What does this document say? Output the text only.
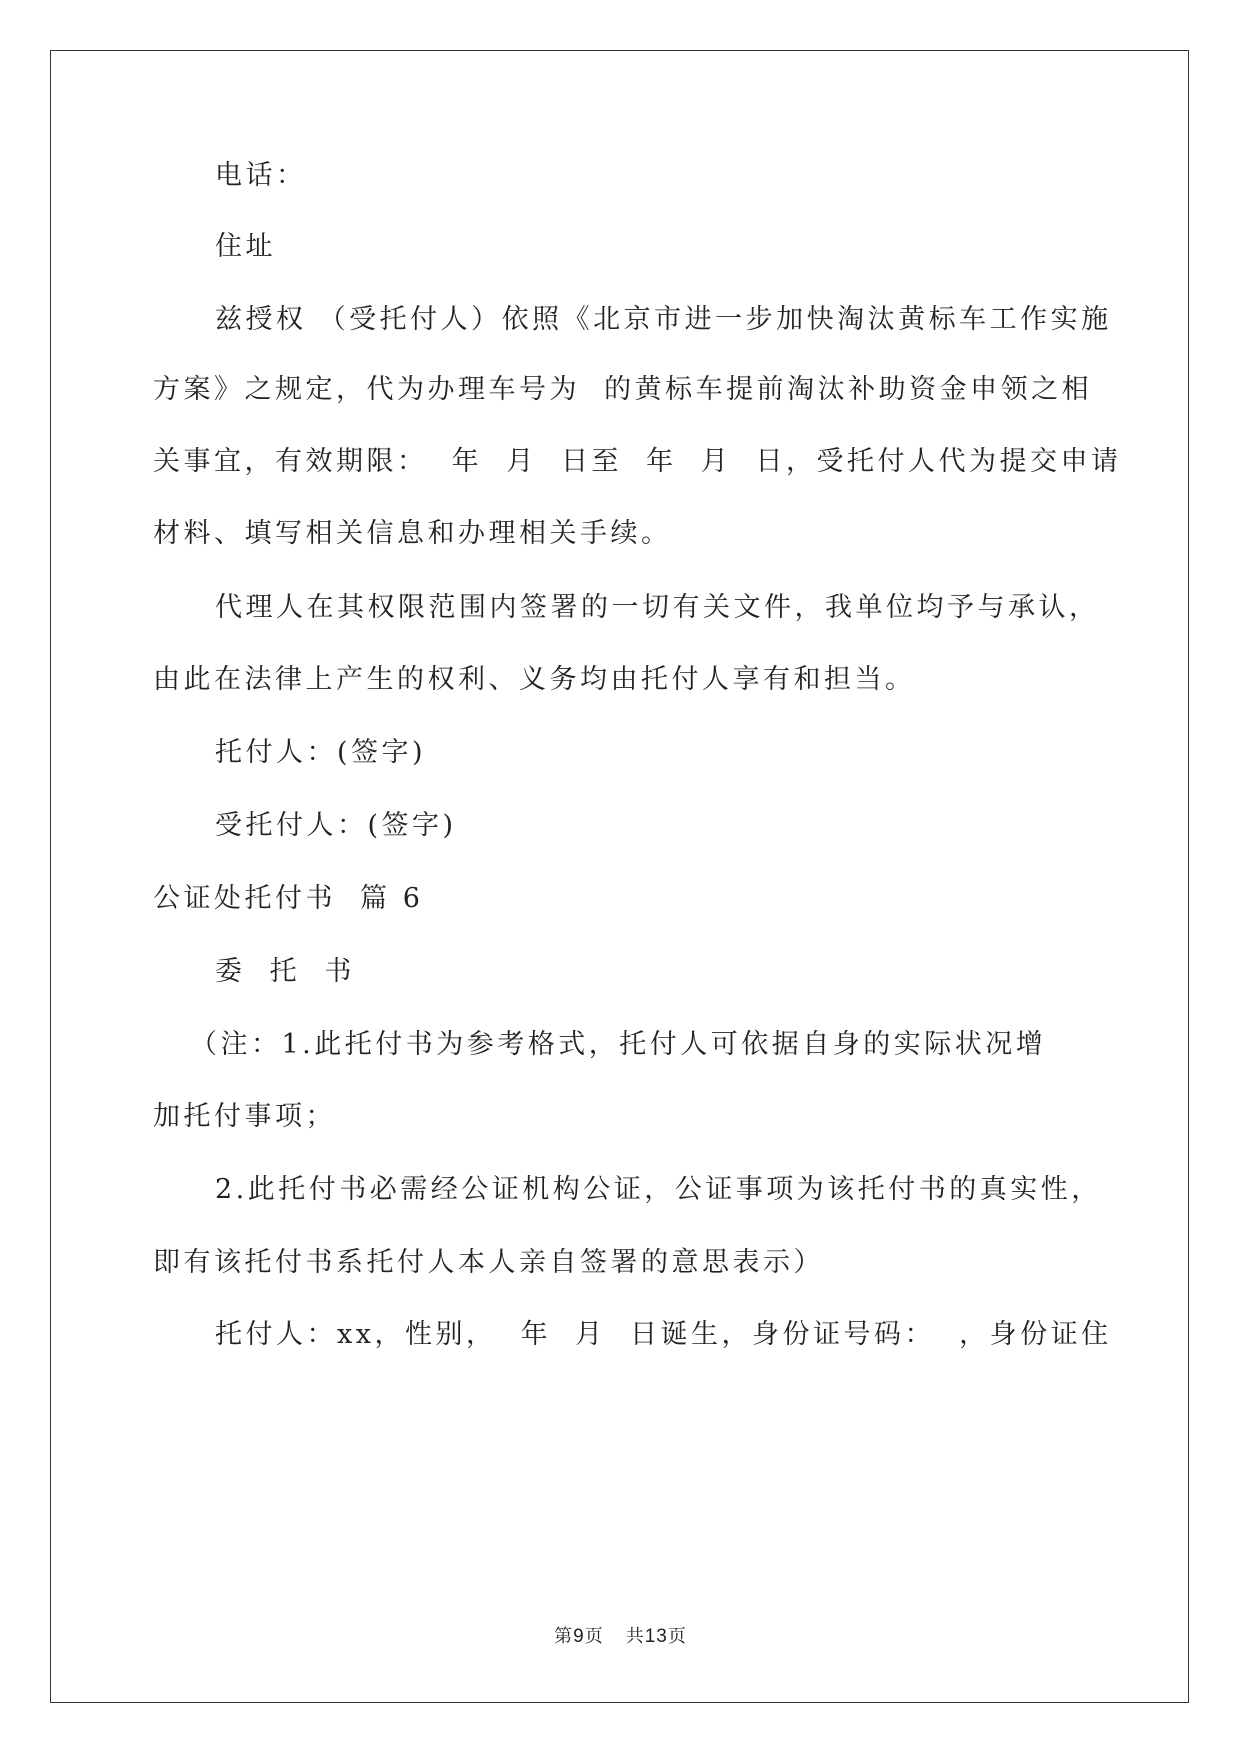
电话：
住址
兹授权 （受托付人）依照《北京市进一步加快淘汰黄标车工作实施
方案》之规定，代为办理车号为  的黄标车提前淘汰补助资金申领之相
关事宜，有效期限：  年  月  日至  年  月  日，受托付人代为提交申请
材料、填写相关信息和办理相关手续。
代理人在其权限范围内签署的一切有关文件，我单位均予与承认，
由此在法律上产生的权利、义务均由托付人享有和担当。
托付人：(签字)
受托付人：(签字)
公证处托付书  篇 6
委  托  书
（注：1.此托付书为参考格式，托付人可依据自身的实际状况增
加托付事项；
2.此托付书必需经公证机构公证，公证事项为该托付书的真实性，
即有该托付书系托付人本人亲自签署的意思表示）
托付人：xx，性别，  年  月  日诞生，身份证号码：  ，身份证住
第9页 共13页
